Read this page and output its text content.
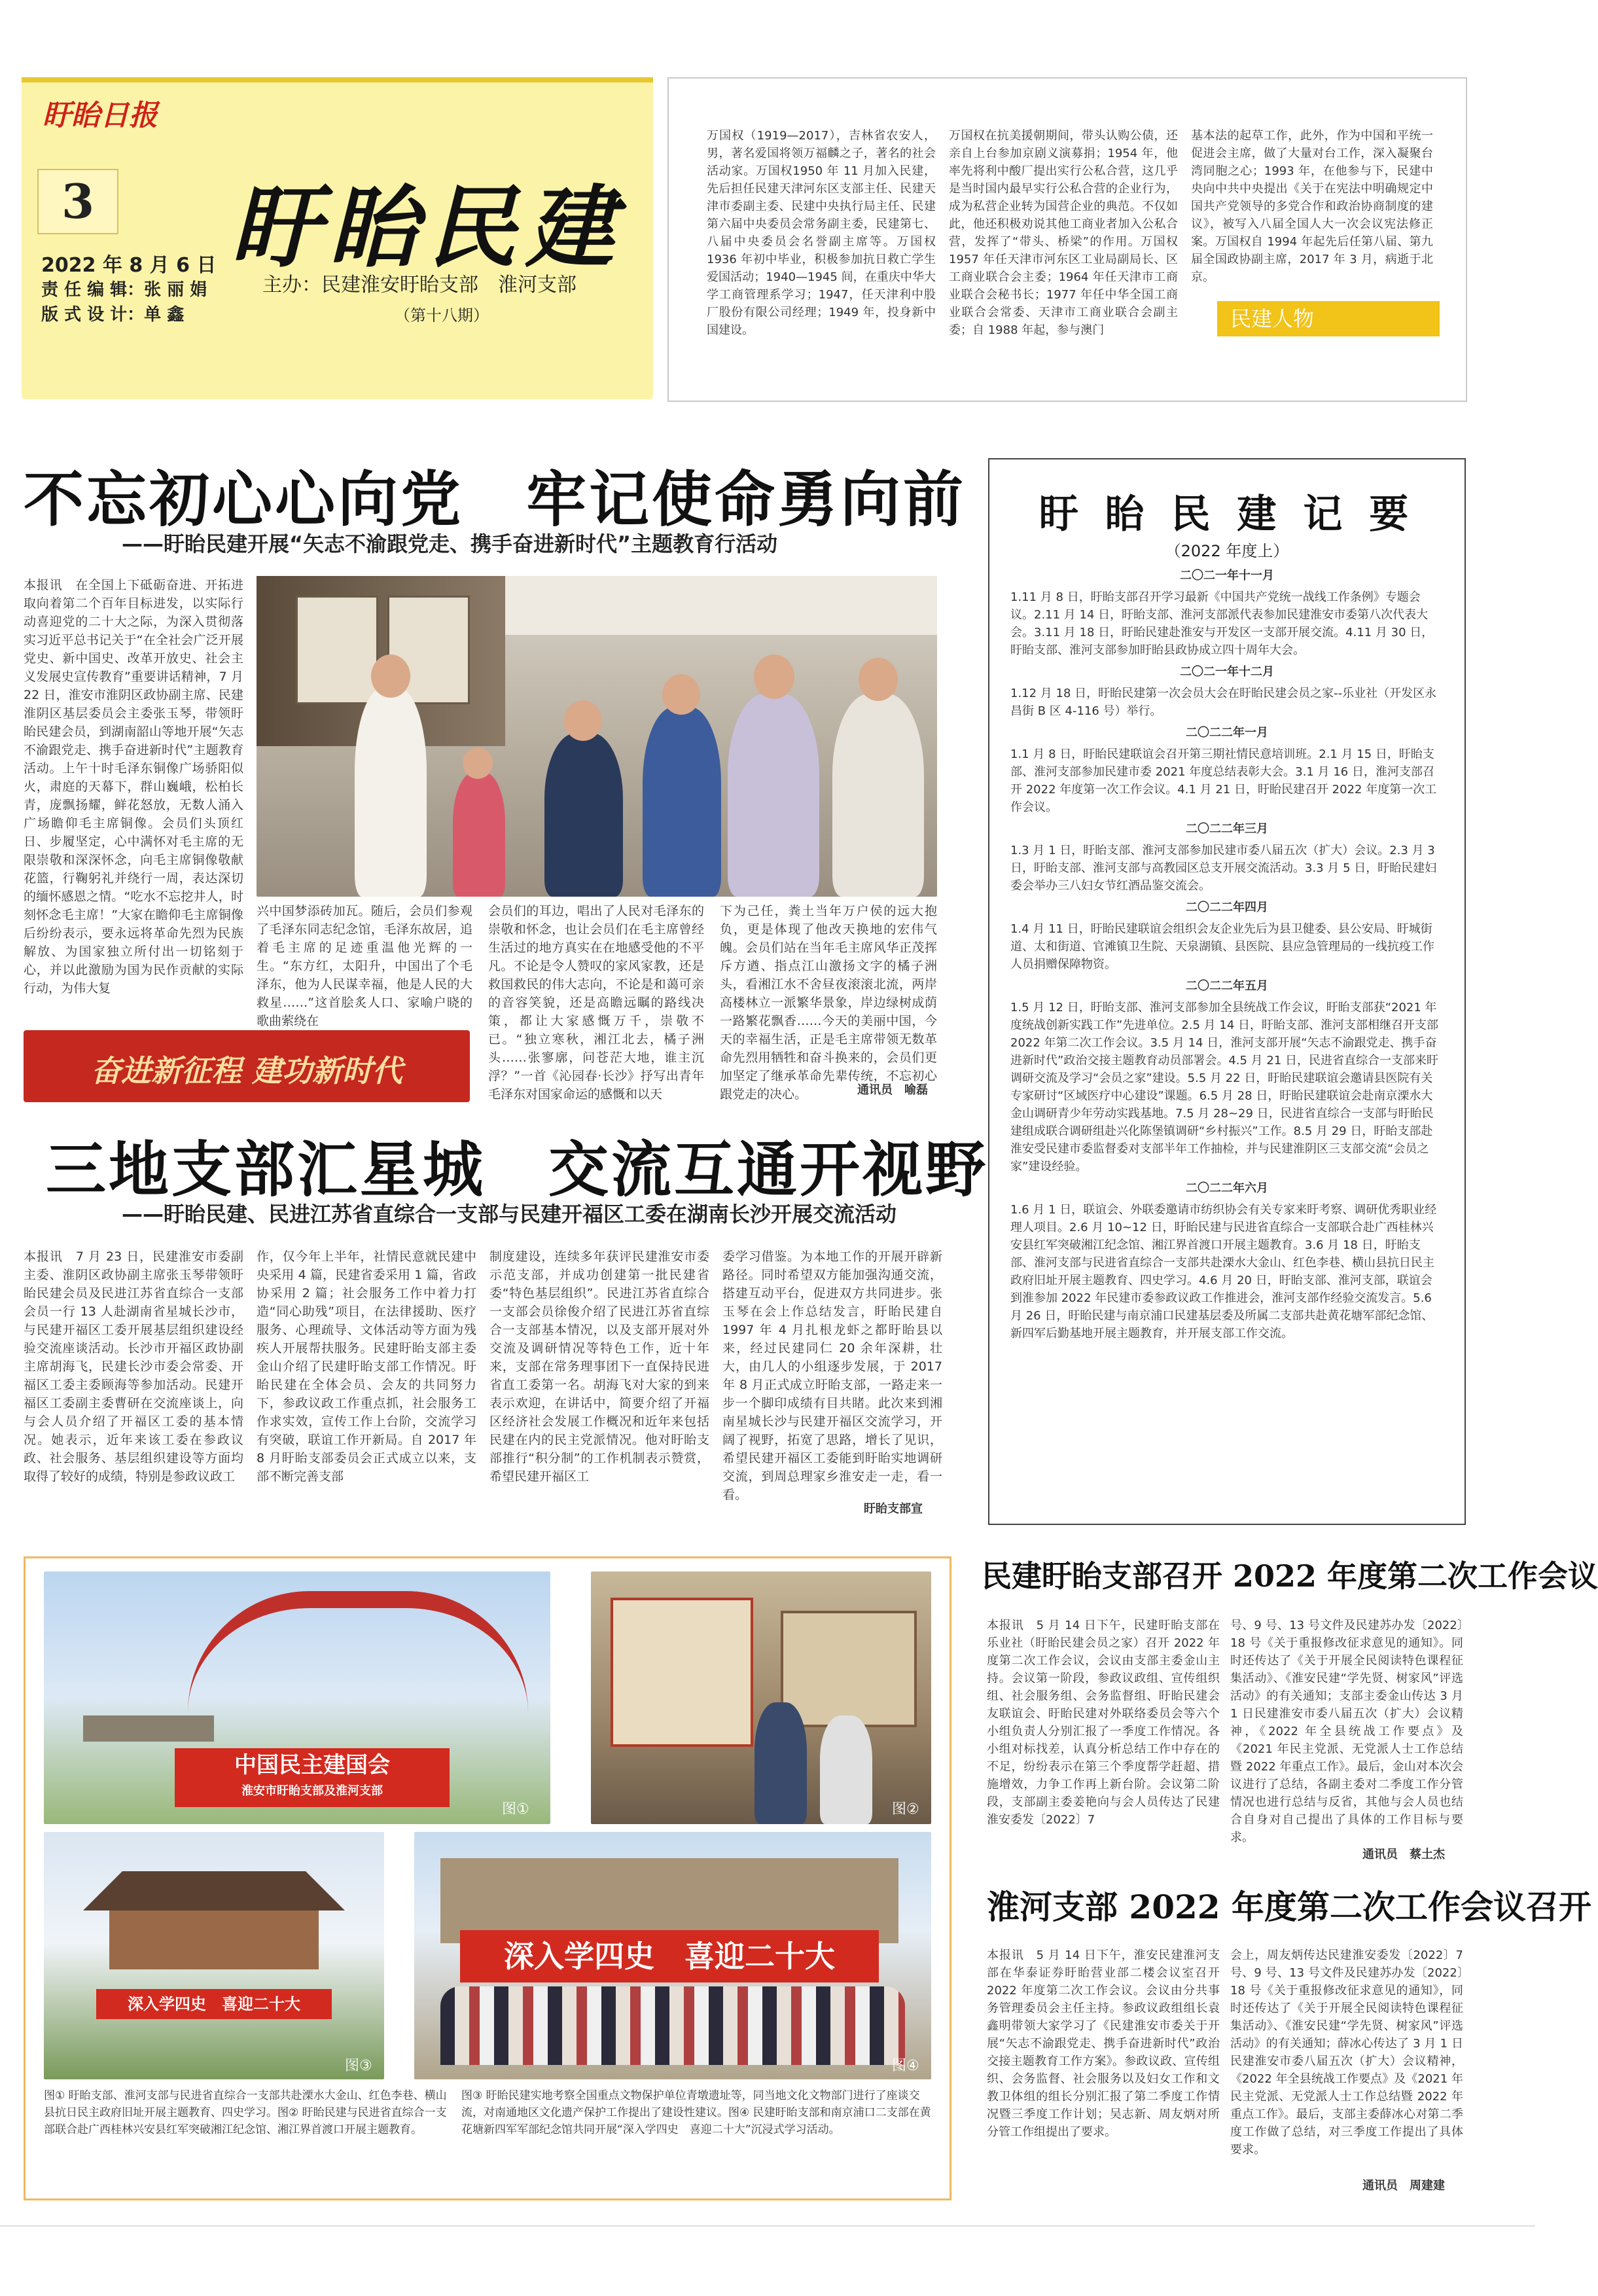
盱眙日报
3 盱眙民建
2022 年 8 月 6 日
责 任 编 辑：张 丽 娟
版 式 设 计：单 鑫
主办：民建淮安盱眙支部　淮河支部
（第十八期）
万国权（1919—2017），吉林省农安人，男，著名爱国将领万福麟之子，著名的社会活动家。万国权1950 年 11 月加入民建，先后担任民建天津河东区支部主任、民建天津市委副主委、民建中央执行局主任、民建第六届中央委员会常务副主委，民建第七、八届中央委员会名誉副主席等。万国权1936 年初中毕业，积极参加抗日救亡学生爱国活动；1940—1945 间，在重庆中华大学工商管理系学习；1947，任天津利中股厂股份有限公司经理；1949 年，投身新中国建设。
万国权在抗美援朝期间，带头认购公债，还亲自上台参加京剧义演募捐；1954 年，他率先将利中酸厂提出实行公私合营，这几乎是当时国内最早实行公私合营的企业行为，成为私营企业转为国营企业的典范。不仅如此，他还积极劝说其他工商业者加入公私合营，发挥了“带头、桥梁”的作用。万国权1957 年任天津市河东区工业局副局长、区工商业联合会主委；1964 年任天津市工商业联合会秘书长；1977 年任中华全国工商业联合会常委、天津市工商业联合会副主委；自 1988 年起，参与澳门
基本法的起草工作，此外，作为中国和平统一促进会主席，做了大量对台工作，深入凝聚台湾同胞之心；1993 年，在他参与下，民建中央向中共中央提出《关于在宪法中明确规定中国共产党领导的多党合作和政治协商制度的建议》，被写入八届全国人大一次会议宪法修正案。万国权自 1994 年起先后任第八届、第九届全国政协副主席，2017 年 3 月，病逝于北京。
民建人物
不忘初心心向党　牢记使命勇向前
——盱眙民建开展“矢志不渝跟党走、携手奋进新时代”主题教育行活动
本报讯　在全国上下砥砺奋进、开拓进取向着第二个百年目标进发，以实际行动喜迎党的二十大之际，为深入贯彻落实习近平总书记关于“在全社会广泛开展党史、新中国史、改革开放史、社会主义发展史宣传教育”重要讲话精神，7 月 22 日，淮安市淮阴区政协副主席、民建淮阴区基层委员会主委张玉琴，带领盱眙民建会员，到湖南韶山等地开展“矢志不渝跟党走、携手奋进新时代”主题教育活动。上午十时毛泽东铜像广场骄阳似火，肃庭的天幕下，群山巍峨，松柏长青，庞飘扬耀，鲜花怒放，无数人涌入广场瞻仰毛主席铜像。会员们头顶红日、步履坚定，心中满怀对毛主席的无限崇敬和深深怀念，向毛主席铜像敬献花篮，行鞠躬礼并绕行一周，表达深切的缅怀感恩之情。“吃水不忘挖井人，时刻怀念毛主席！”大家在瞻仰毛主席铜像后纷纷表示，要永远将革命先烈为民族解放、为国家独立所付出一切铭刻于心，并以此激励为国为民作贡献的实际行动，为伟大复
兴中国梦添砖加瓦。随后，会员们参观了毛泽东同志纪念馆，毛泽东故居，追着毛主席的足迹重温他光辉的一生。“东方红，太阳升，中国出了个毛泽东，他为人民谋幸福，他是人民的大救星……”这首脍炙人口、家喻户晓的歌曲萦绕在
会员们的耳边，唱出了人民对毛泽东的崇敬和怀念，也让会员们在毛主席曾经生活过的地方真实在在地感受他的不平凡。不论是令人赞叹的家风家教，还是救国救民的伟大志向，不论是和蔼可亲的音容笑貌，还是高瞻远瞩的路线决策，都让大家感慨万千，崇敬不已。“独立寒秋，湘江北去，橘子洲头……张寥廓，问苍茫大地，谁主沉浮？”一首《沁园春·长沙》抒写出青年毛泽东对国家命运的感慨和以天
下为己任，粪土当年万户侯的远大抱负，更是体现了他改天换地的宏伟气魄。会员们站在当年毛主席风华正茂挥斥方遒、指点江山激扬文字的橘子洲头，看湘江水不舍昼夜滚滚北流，两岸高楼林立一派繁华景象，岸边绿树成荫一路繁花飘香……今天的美丽中国，今天的幸福生活，正是毛主席带领无数革命先烈用牺牲和奋斗换来的，会员们更加坚定了继承革命先辈传统，不忘初心跟党走的决心。	通讯员　喻磊
奋进新征程 建功新时代
三地支部汇星城　交流互通开视野
——盱眙民建、民进江苏省直综合一支部与民建开福区工委在湖南长沙开展交流活动
本报讯　7 月 23 日，民建淮安市委副主委、淮阴区政协副主席张玉琴带领盱眙民建会员及民进江苏省直综合一支部会员一行 13 人赴湖南省星城长沙市，与民建开福区工委开展基层组织建设经验交流座谈活动。长沙市开福区政协副主席胡海飞，民建长沙市委会常委、开福区工委主委顾海等参加活动。民建开福区工委副主委曹研在交流座谈上，向与会人员介绍了开福区工委的基本情况。她表示，近年来该工委在参政议政、社会服务、基层组织建设等方面均取得了较好的成绩，特别是参政议政工
作，仅今年上半年，社情民意就民建中央采用 4 篇，民建省委采用 1 篇，省政协采用 2 篇；社会服务工作中着力打造“同心助残”项目，在法律援助、医疗服务、心理疏导、文体活动等方面为残疾人开展帮扶服务。民建盱眙支部主委金山介绍了民建盱眙支部工作情况。盱眙民建在全体会员、会友的共同努力下，参政议政工作重点抓，社会服务工作求实效，宣传工作上台阶，交流学习有突破，联谊工作开新局。自 2017 年 8 月盱眙支部委员会正式成立以来，支部不断完善支部
制度建设，连续多年获评民建淮安市委示范支部，并成功创建第一批民建省委“特色基层组织”。民进江苏省直综合一支部会员徐俊介绍了民进江苏省直综合一支部基本情况，以及支部开展对外交流及调研情况等特色工作，近十年来，支部在常务理事团下一直保持民进省直工委第一名。胡海飞对大家的到来表示欢迎，在讲话中，简要介绍了开福区经济社会发展工作概况和近年来包括民建在内的民主党派情况。他对盱眙支部推行“积分制”的工作机制表示赞赏，希望民建开福区工
委学习借鉴。为本地工作的开展开辟新路径。同时希望双方能加强沟通交流，搭建互动平台，促进双方共同进步。张玉琴在会上作总结发言，盱眙民建自 1997 年 4 月扎根龙虾之都盱眙县以来，经过民建同仁 20 余年深耕，壮大，由几人的小组逐步发展，于 2017 年 8 月正式成立盱眙支部，一路走来一步一个脚印成绩有目共睹。此次来到湘南星城长沙与民建开福区交流学习，开阔了视野，拓宽了思路，增长了见识，希望民建开福区工委能到盱眙实地调研交流，到周总理家乡淮安走一走，看一看。
盱眙支部宣
盱 眙 民 建 记 要
（2022 年度上）
二〇二一年十一月
1.11 月 8 日，盱眙支部召开学习最新《中国共产党统一战线工作条例》专题会议。2.11 月 14 日，盱眙支部、淮河支部派代表参加民建淮安市委第八次代表大会。3.11 月 18 日，盱眙民建赴淮安与开发区一支部开展交流。4.11 月 30 日，盱眙支部、淮河支部参加盱眙县政协成立四十周年大会。
二〇二一年十二月
1.12 月 18 日，盱眙民建第一次会员大会在盱眙民建会员之家--乐业社（开发区永昌街 B 区 4-116 号）举行。
二〇二二年一月
1.1 月 8 日，盱眙民建联谊会召开第三期社情民意培训班。2.1 月 15 日，盱眙支部、淮河支部参加民建市委 2021 年度总结表彰大会。3.1 月 16 日，淮河支部召开 2022 年度第一次工作会议。4.1 月 21 日，盱眙民建召开 2022 年度第一次工作会议。
二〇二二年三月
1.3 月 1 日，盱眙支部、淮河支部参加民建市委八届五次（扩大）会议。2.3 月 3 日，盱眙支部、淮河支部与高教园区总支开展交流活动。3.3 月 5 日，盱眙民建妇委会举办三八妇女节红酒品鉴交流会。
二〇二二年四月
1.4 月 11 日，盱眙民建联谊会组织会友企业先后为县卫健委、县公安局、盱城街道、太和街道、官滩镇卫生院、天泉湖镇、县医院、县应急管理局的一线抗疫工作人员捐赠保障物资。
二〇二二年五月
1.5 月 12 日，盱眙支部、淮河支部参加全县统战工作会议，盱眙支部获“2021 年度统战创新实践工作”先进单位。2.5 月 14 日，盱眙支部、淮河支部相继召开支部 2022 年第二次工作会议。3.5 月 14 日，淮河支部开展“矢志不渝跟党走、携手奋进新时代”政治交接主题教育动员部署会。4.5 月 21 日，民进省直综合一支部来盱调研交流及学习“会员之家”建设。5.5 月 22 日，盱眙民建联谊会邀请县医院有关专家研讨“区域医疗中心建设”课题。6.5 月 28 日，盱眙民建联谊会赴南京溧水大金山调研青少年劳动实践基地。7.5 月 28~29 日，民进省直综合一支部与盱眙民建组成联合调研组赴兴化陈堡镇调研“乡村振兴”工作。8.5 月 29 日，盱眙支部赴淮安受民建市委监督委对支部半年工作抽检，并与民建淮阴区三支部交流“会员之家”建设经验。
二〇二二年六月
1.6 月 1 日，联谊会、外联委邀请市纺织协会有关专家来盱考察、调研优秀职业经理人项目。2.6 月 10~12 日，盱眙民建与民进省直综合一支部联合赴广西桂林兴安县红军突破湘江纪念馆、湘江界首渡口开展主题教育。3.6 月 18 日，盱眙支部、淮河支部与民进省直综合一支部共赴溧水大金山、红色李巷、横山县抗日民主政府旧址开展主题教育、四史学习。4.6 月 20 日，盱眙支部、淮河支部，联谊会到淮参加 2022 年民建市委参政议政工作推进会，淮河支部作经验交流发言。5.6 月 26 日，盱眙民建与南京浦口民建基层委及所属二支部共赴黄花塘军部纪念馆、新四军后勤基地开展主题教育，并开展支部工作交流。
中国民主建国会
淮安市盱眙支部及淮河支部
图①	图②
深入学四史　喜迎二十大
图③
深入学四史　喜迎二十大
图④
图① 盱眙支部、淮河支部与民进省直综合一支部共赴溧水大金山、红色李巷、横山县抗日民主政府旧址开展主题教育、四史学习。图② 盱眙民建与民进省直综合一支部联合赴广西桂林兴安县红军突破湘江纪念馆、湘江界首渡口开展主题教育。
图③ 盱眙民建实地考察全国重点文物保护单位青墩遗址等，同当地文化文物部门进行了座谈交流，对南通地区文化遗产保护工作提出了建设性建议。图④ 民建盱眙支部和南京浦口二支部在黄花塘新四军军部纪念馆共同开展“深入学四史　喜迎二十大”沉浸式学习活动。
民建盱眙支部召开 2022 年度第二次工作会议
本报讯　5 月 14 日下午，民建盱眙支部在乐业社（盱眙民建会员之家）召开 2022 年度第二次工作会议，会议由支部主委金山主持。会议第一阶段，参政议政组、宣传组织组、社会服务组、会务监督组、盱眙民建会友联谊会、盱眙民建对外联络委员会等六个小组负责人分别汇报了一季度工作情况。各小组对标找差，认真分析总结工作中存在的不足，纷纷表示在第三个季度帮学赶超、措施增效，力争工作再上新台阶。会议第二阶段，支部副主委姜艳向与会人员传达了民建淮安委发〔2022〕7
号、9 号、13 号文件及民建苏办发〔2022〕18 号《关于重报修改征求意见的通知》。同时还传达了《关于开展全民阅读特色课程征集活动》、《淮安民建“学先贤、树家风”评选活动》的有关通知；支部主委金山传达 3 月 1 日民建淮安市委八届五次（扩大）会议精神，《2022 年全县统战工作要点》及《2021 年民主党派、无党派人士工作总结暨 2022 年重点工作》。最后，金山对本次会议进行了总结，各副主委对二季度工作分管情况也进行总结与反省，其他与会人员也结合自身对自己提出了具体的工作目标与要求。
通讯员　蔡土杰
淮河支部 2022 年度第二次工作会议召开
本报讯　5 月 14 日下午，淮安民建淮河支部在华泰证券盱眙营业部二楼会议室召开 2022 年度第二次工作会议。会议由分共事务管理委员会主任主持。参政议政组组长袁鑫明带领大家学习了《民建淮安市委关于开展“矢志不渝跟党走、携手奋进新时代”政治交接主题教育工作方案》。参政议政、宣传组织、会务监督、社会服务以及妇女工作和文教卫体组的组长分别汇报了第二季度工作情况暨三季度工作计划；吴志新、周友炳对所分管工作组提出了要求。
会上，周友炳传达民建淮安委发〔2022〕7 号、9 号、13 号文件及民建苏办发〔2022〕18 号《关于重报修改征求意见的通知》，同时还传达了《关于开展全民阅读特色课程征集活动》、《淮安民建“学先贤、树家风”评选活动》的有关通知；薛冰心传达了 3 月 1 日民建淮安市委八届五次（扩大）会议精神，《2022 年全县统战工作要点》及《2021 年民主党派、无党派人士工作总结暨 2022 年重点工作》。最后，支部主委薛冰心对第二季度工作做了总结，对三季度工作提出了具体要求。
通讯员　周建建
